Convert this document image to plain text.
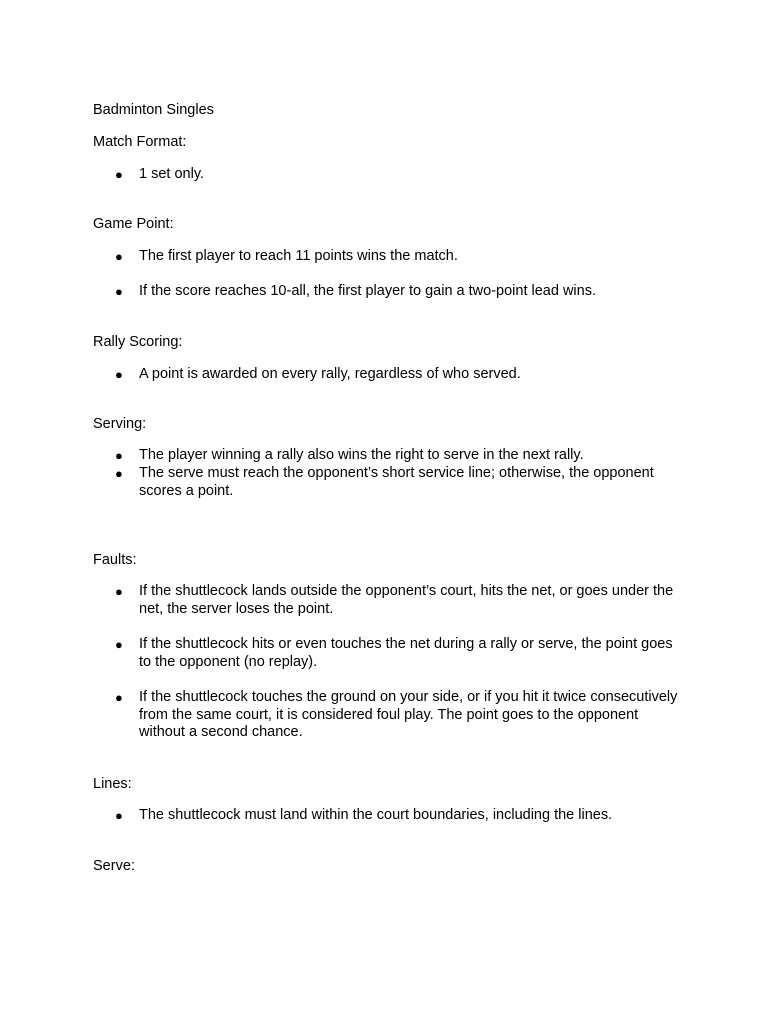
Badminton Singles
Match Format:
● 1 set only.
Game Point:
● The first player to reach 11 points wins the match.
● If the score reaches 10-all, the first player to gain a two-point lead wins.
Rally Scoring:
● A point is awarded on every rally, regardless of who served.
Serving:
● The player winning a rally also wins the right to serve in the next rally.
● The serve must reach the opponent’s short service line; otherwise, the opponent scores a point.
Faults:
● If the shuttlecock lands outside the opponent’s court, hits the net, or goes under the net, the server loses the point.
● If the shuttlecock hits or even touches the net during a rally or serve, the point goes to the opponent (no replay).
● If the shuttlecock touches the ground on your side, or if you hit it twice consecutively from the same court, it is considered foul play. The point goes to the opponent without a second chance.
Lines:
● The shuttlecock must land within the court boundaries, including the lines.
Serve:
